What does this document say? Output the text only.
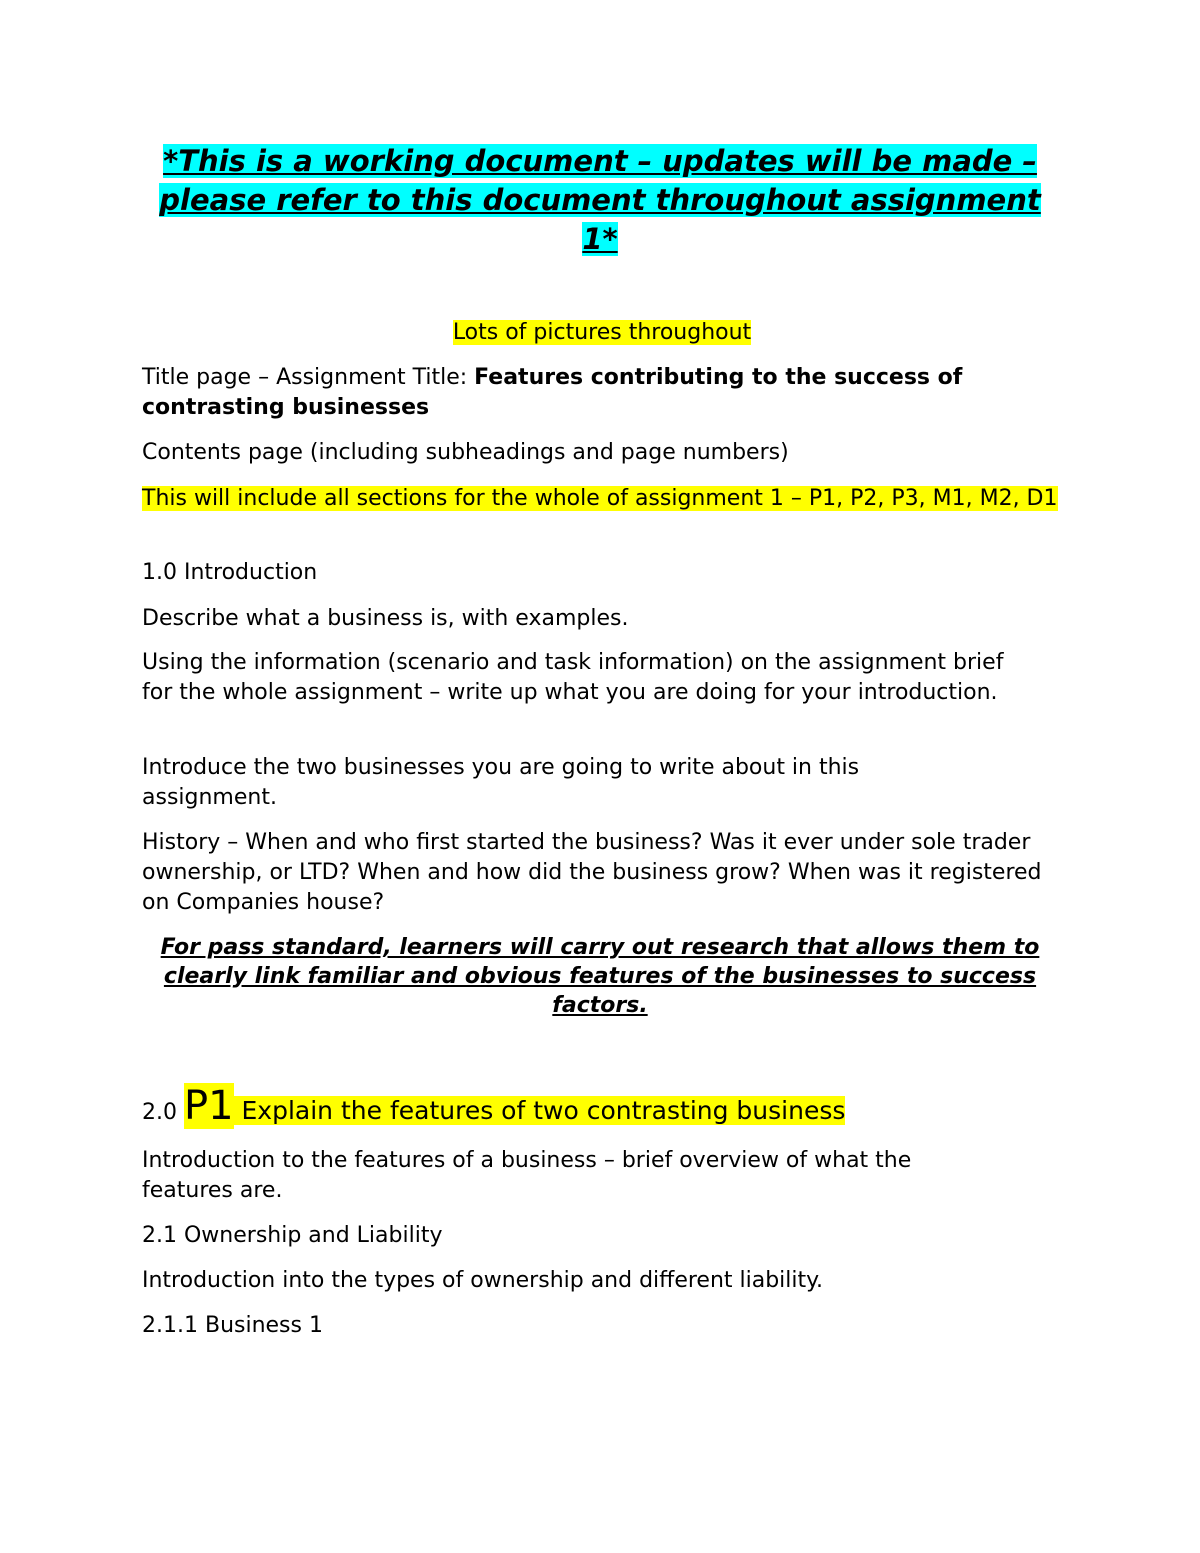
*This is a working document – updates will be made – please refer to this document throughout assignment 1*

Lots of pictures throughout

Title page – Assignment Title: Features contributing to the success of contrasting businesses

Contents page (including subheadings and page numbers)

This will include all sections for the whole of assignment 1 – P1, P2, P3, M1, M2, D1

1.0 Introduction

Describe what a business is, with examples.

Using the information (scenario and task information) on the assignment brief for the whole assignment – write up what you are doing for your introduction.

Introduce the two businesses you are going to write about in this assignment.

History – When and who first started the business? Was it ever under sole trader ownership, or LTD? When and how did the business grow? When was it registered on Companies house?

For pass standard, learners will carry out research that allows them to clearly link familiar and obvious features of the businesses to success factors.

2.0 P1 Explain the features of two contrasting business

Introduction to the features of a business – brief overview of what the features are.

2.1 Ownership and Liability

Introduction into the types of ownership and different liability.

2.1.1 Business 1
